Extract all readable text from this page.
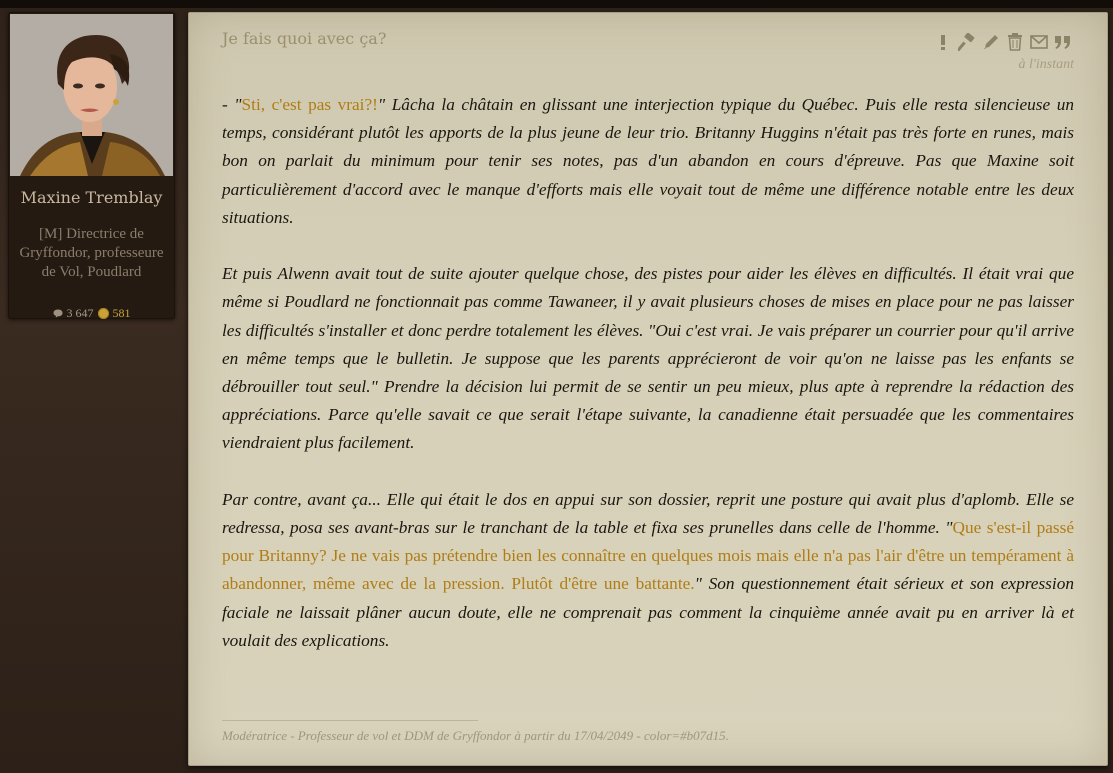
Maxine Tremblay
[M] Directrice de Gryffondor, professeure de Vol, Poudlard
3 647 581
Je fais quoi avec ça?
à l'instant

- "Sti, c'est pas vrai?!" Lâcha la châtain en glissant une interjection typique du Québec. Puis elle resta silencieuse un temps, considérant plutôt les apports de la plus jeune de leur trio. Britanny Huggins n'était pas très forte en runes, mais bon on parlait du minimum pour tenir ses notes, pas d'un abandon en cours d'épreuve. Pas que Maxine soit particulièrement d'accord avec le manque d'efforts mais elle voyait tout de même une différence notable entre les deux situations.

Et puis Alwenn avait tout de suite ajouter quelque chose, des pistes pour aider les élèves en difficultés. Il était vrai que même si Poudlard ne fonctionnait pas comme Tawaneer, il y avait plusieurs choses de mises en place pour ne pas laisser les difficultés s'installer et donc perdre totalement les élèves. "Oui c'est vrai. Je vais préparer un courrier pour qu'il arrive en même temps que le bulletin. Je suppose que les parents apprécieront de voir qu'on ne laisse pas les enfants se débrouiller tout seul." Prendre la décision lui permit de se sentir un peu mieux, plus apte à reprendre la rédaction des appréciations. Parce qu'elle savait ce que serait l'étape suivante, la canadienne était persuadée que les commentaires viendraient plus facilement.

Par contre, avant ça... Elle qui était le dos en appui sur son dossier, reprit une posture qui avait plus d'aplomb. Elle se redressa, posa ses avant-bras sur le tranchant de la table et fixa ses prunelles dans celle de l'homme. "Que s'est-il passé pour Britanny? Je ne vais pas prétendre bien les connaître en quelques mois mais elle n'a pas l'air d'être un tempérament à abandonner, même avec de la pression. Plutôt d'être une battante." Son questionnement était sérieux et son expression faciale ne laissait plâner aucun doute, elle ne comprenait pas comment la cinquième année avait pu en arriver là et voulait des explications.

Modératrice - Professeur de vol et DDM de Gryffondor à partir du 17/04/2049 - color=#b07d15.
